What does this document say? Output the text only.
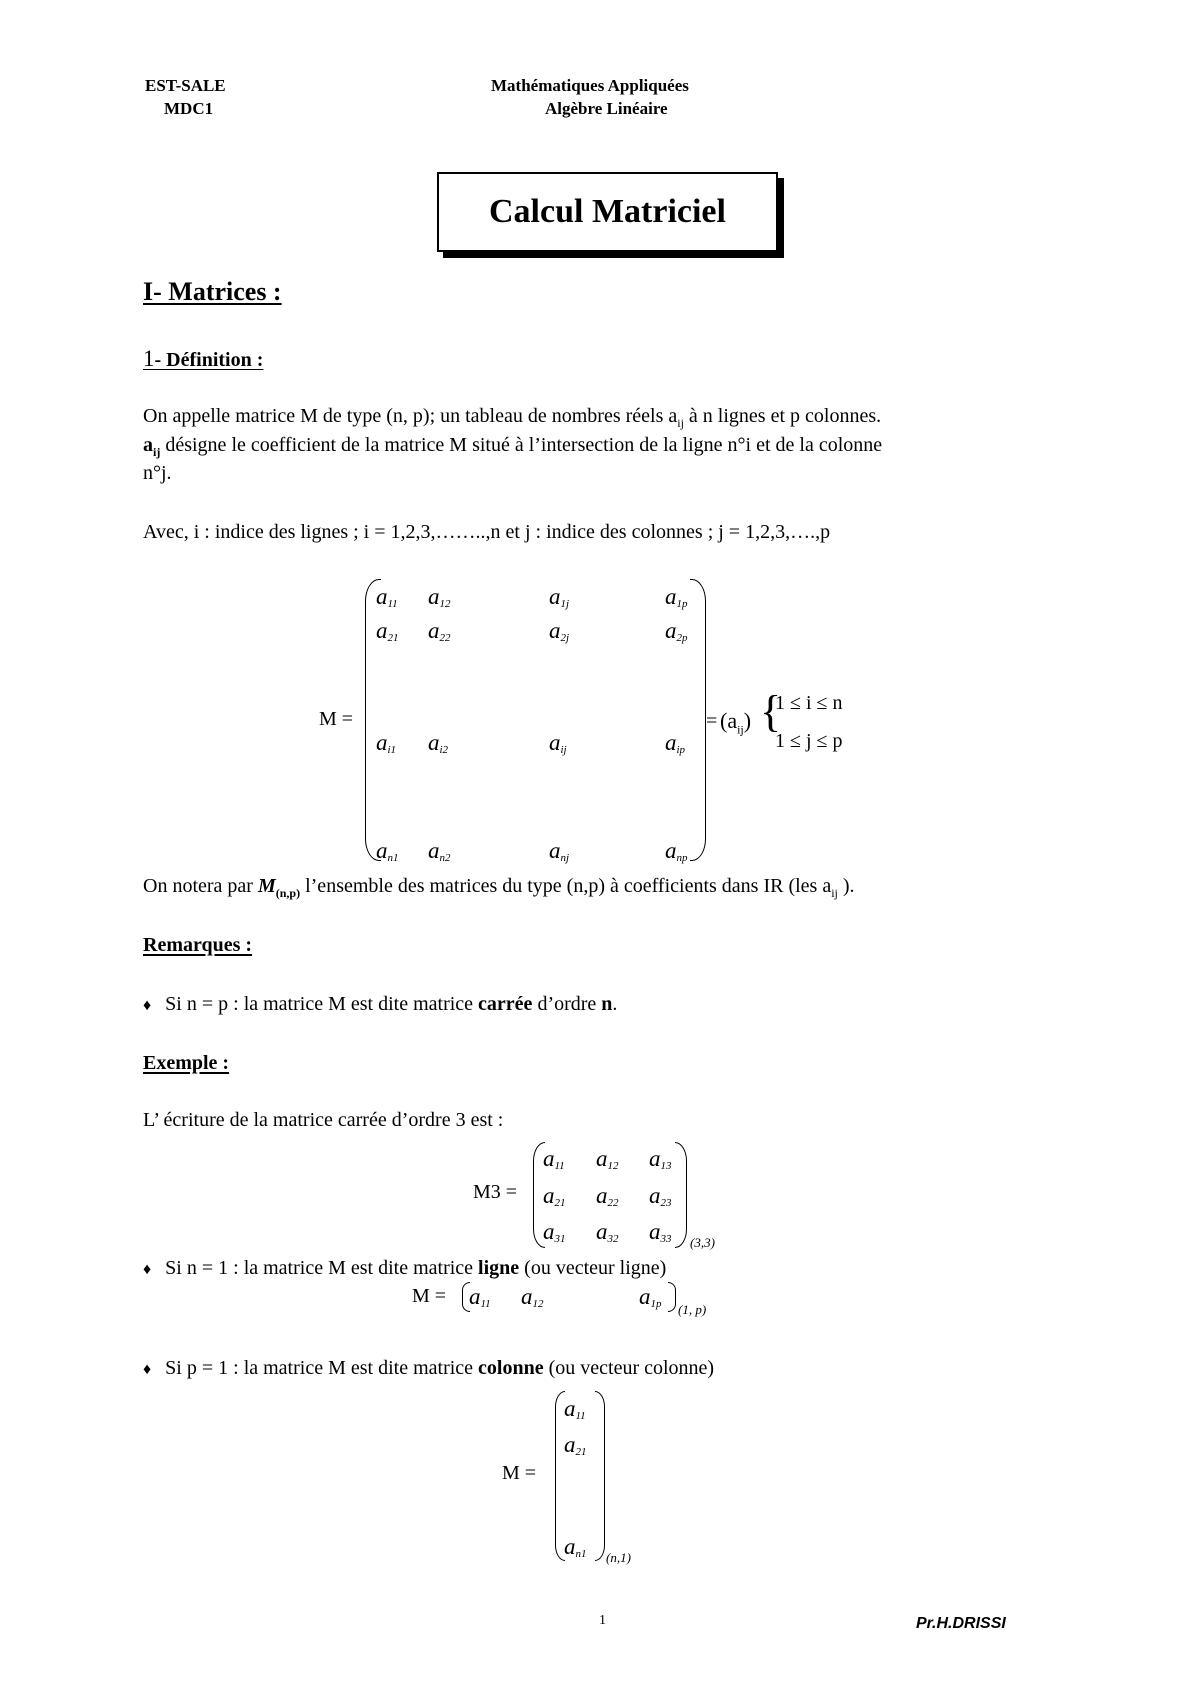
EST-SALE
MDC1
Mathématiques Appliquées
Algèbre Linéaire
Calcul Matriciel
I- Matrices :
1- Définition :
On appelle matrice M de type (n, p); un tableau de nombres réels $a_{ij}$ à n lignes et p colonnes.
$a_{ij}$ désigne le coefficient de la matrice M situé à l’intersection de la ligne n°i et de la colonne
n°j.
Avec, i : indice des lignes ; i = 1,2,3,……..,n et j : indice des colonnes ; j = 1,2,3,….,p
M =
$a_{11}$ $a_{12}$	$a_{1j}$	$a_{1p}$
$a_{21}$ $a_{22}$	$a_{2j}$	$a_{2p}$
$a_{i1}$ $a_{i2}$	$a_{ij}$	$a_{ip}$
$a_{n1}$ $a_{n2}$	$a_{nj}$	$a_{np}$
= $(a_{ij})$ {
1 ≤ i ≤ n
1 ≤ j ≤ p
On notera par $M_{(n,p)}$ l’ensemble des matrices du type (n,p) à coefficients dans IR (les $a_{ij}$ ).
Remarques :
♦ Si n = p : la matrice M est dite matrice carrée d’ordre n.
Exemple :
L’ écriture de la matrice carrée d’ordre 3 est :
M3 =
$a_{11}$ $a_{12}$ $a_{13}$
$a_{21}$ $a_{22}$ $a_{23}$
$a_{31}$ $a_{32}$ $a_{33}$ (3,3)
♦ Si n = 1 : la matrice M est dite matrice ligne (ou vecteur ligne)
$M = a_{11}$ $a_{12}$	$a_{1p}$ (1, p)
♦ Si p = 1 : la matrice M est dite matrice colonne (ou vecteur colonne)
M =
$a_{11}$
$a_{21}$
$a_{n1}$ (n,1)
1	Pr.H.DRISSI
